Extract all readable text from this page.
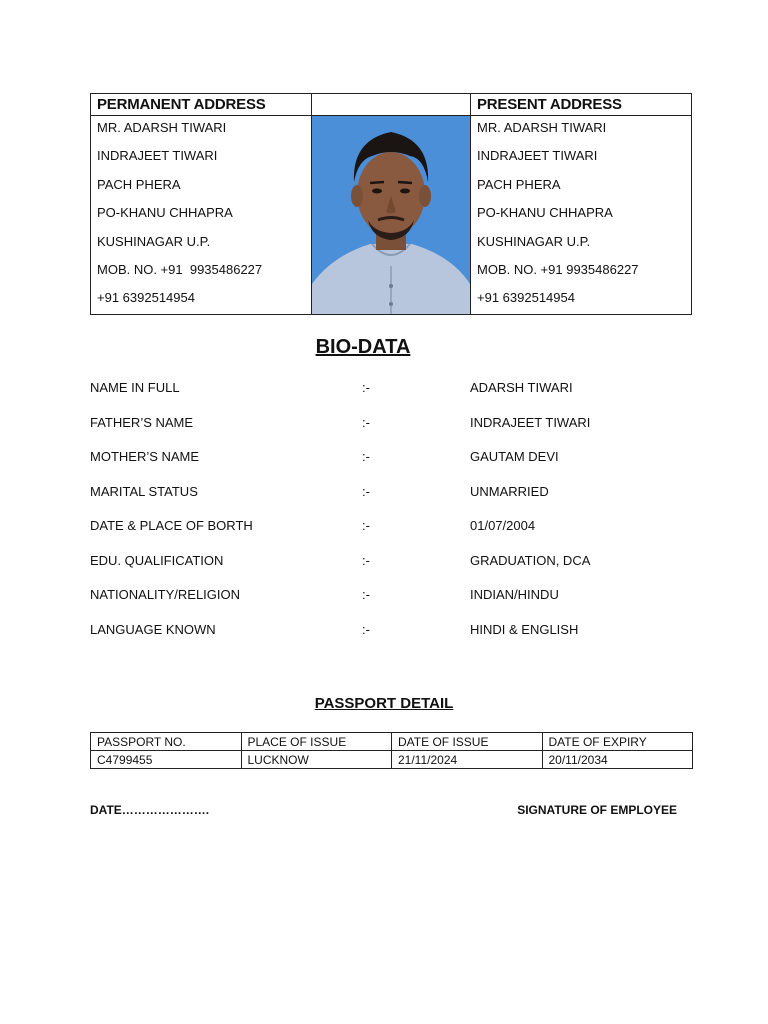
PERMANENT ADDRESS
MR. ADARSH TIWARI
INDRAJEET TIWARI
PACH PHERA
PO-KHANU CHHAPRA
KUSHINAGAR U.P.
MOB. NO. +91  9935486227
+91 6392514954
PRESENT ADDRESS
MR. ADARSH TIWARI
INDRAJEET TIWARI
PACH PHERA
PO-KHANU CHHAPRA
KUSHINAGAR U.P.
MOB. NO. +91 9935486227
+91 6392514954
BIO-DATA
NAME IN FULL	:-	ADARSH TIWARI
FATHER’S NAME	:-	INDRAJEET TIWARI
MOTHER’S NAME	:-	GAUTAM DEVI
MARITAL STATUS	:-	UNMARRIED
DATE & PLACE OF BORTH	:-	01/07/2004
EDU. QUALIFICATION	:-	GRADUATION, DCA
NATIONALITY/RELIGION	:-	INDIAN/HINDU
LANGUAGE KNOWN	:-	HINDI & ENGLISH
PASSPORT DETAIL
PASSPORT NO.	PLACE OF ISSUE	DATE OF ISSUE	DATE OF EXPIRY
C4799455	LUCKNOW	21/11/2024	20/11/2034
DATE………………….	SIGNATURE OF EMPLOYEE
